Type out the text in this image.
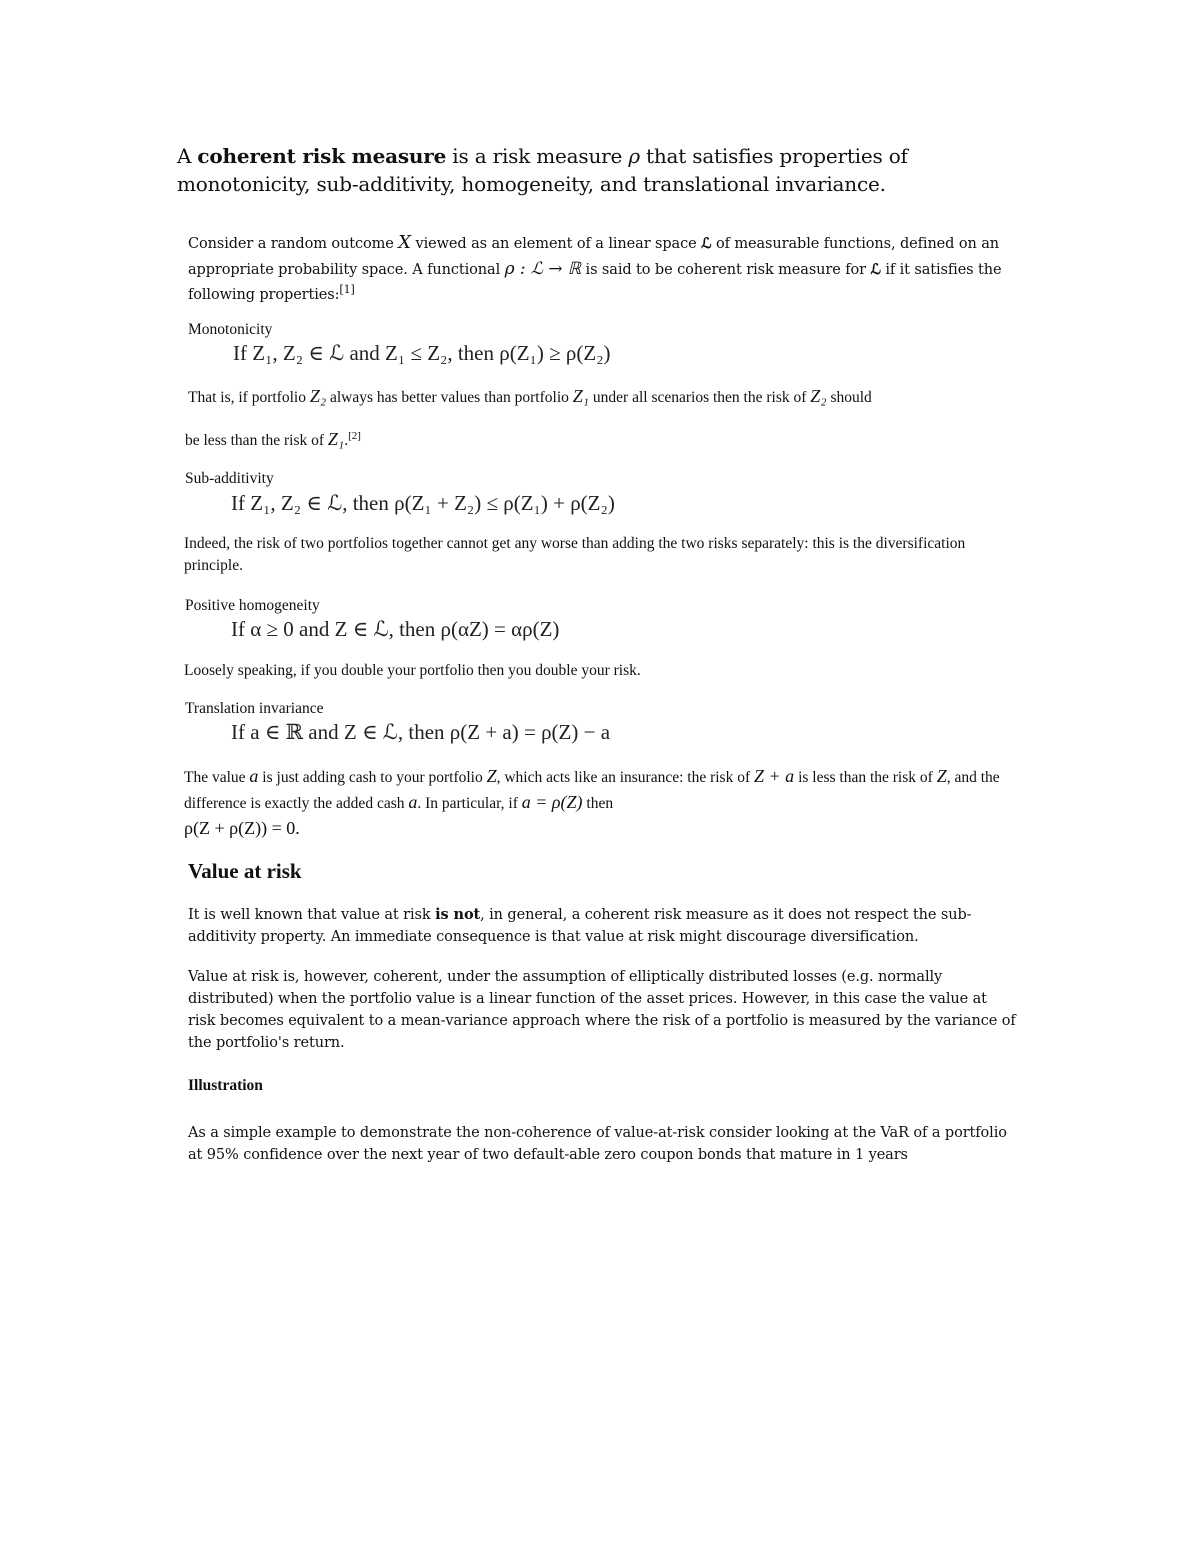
A coherent risk measure is a risk measure ρ that satisfies properties of monotonicity, sub-additivity, homogeneity, and translational invariance.

Consider a random outcome X viewed as an element of a linear space ℒ of measurable functions, defined on an appropriate probability space. A functional ρ : ℒ → ℝ is said to be coherent risk measure for ℒ if it satisfies the following properties:[1]

Monotonicity
If Z₁, Z₂ ∈ ℒ and Z₁ ≤ Z₂, then ρ(Z₁) ≥ ρ(Z₂)

That is, if portfolio Z₂ always has better values than portfolio Z₁ under all scenarios then the risk of Z₂ should

be less than the risk of Z₁.[2]

Sub-additivity
If Z₁, Z₂ ∈ ℒ, then ρ(Z₁ + Z₂) ≤ ρ(Z₁) + ρ(Z₂)

Indeed, the risk of two portfolios together cannot get any worse than adding the two risks separately: this is the diversification principle.

Positive homogeneity
If α ≥ 0 and Z ∈ ℒ, then ρ(αZ) = αρ(Z)

Loosely speaking, if you double your portfolio then you double your risk.

Translation invariance
If a ∈ ℝ and Z ∈ ℒ, then ρ(Z + a) = ρ(Z) − a

The value a is just adding cash to your portfolio Z, which acts like an insurance: the risk of Z + a is less than the risk of Z, and the difference is exactly the added cash a. In particular, if a = ρ(Z) then
ρ(Z + ρ(Z)) = 0.

Value at risk

It is well known that value at risk is not, in general, a coherent risk measure as it does not respect the sub-additivity property. An immediate consequence is that value at risk might discourage diversification.

Value at risk is, however, coherent, under the assumption of elliptically distributed losses (e.g. normally distributed) when the portfolio value is a linear function of the asset prices. However, in this case the value at risk becomes equivalent to a mean-variance approach where the risk of a portfolio is measured by the variance of the portfolio's return.

Illustration

As a simple example to demonstrate the non-coherence of value-at-risk consider looking at the VaR of a portfolio at 95% confidence over the next year of two default-able zero coupon bonds that mature in 1 years
